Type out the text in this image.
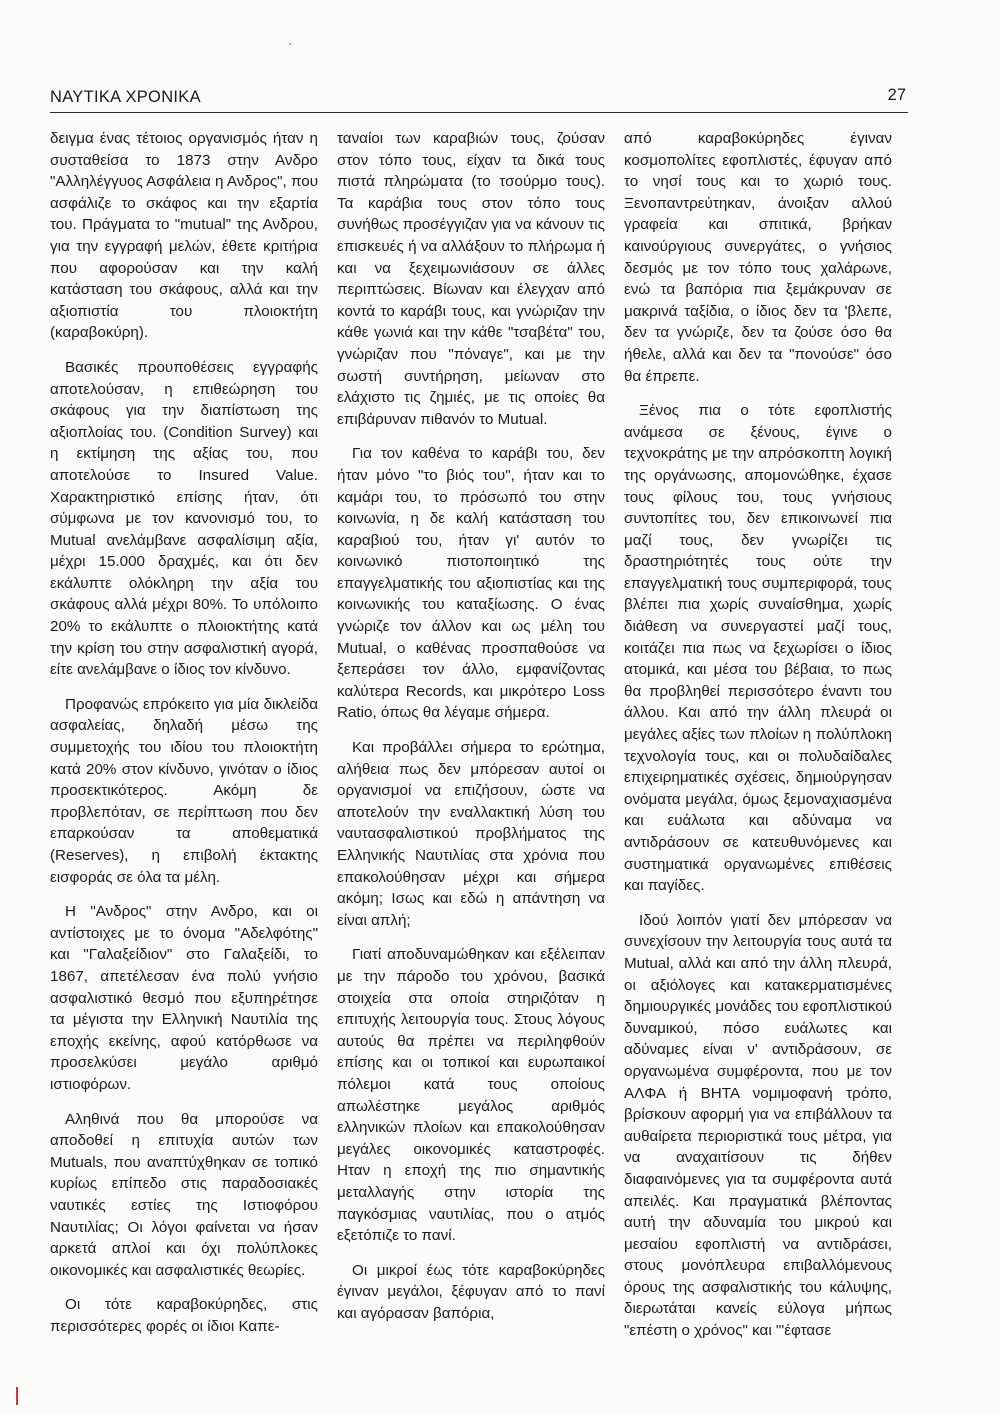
ΝΑΥΤΙΚΑ ΧΡΟΝΙΚΑ	27

δειγμα ένας τέτοιος οργανισμός ήταν η συσταθείσα το 1873 στην Ανδρο "Αλληλέγγυος Ασφάλεια η Ανδρος", που ασφάλιζε το σκάφος και την εξαρτία του. Πράγματα το "mutual" της Ανδρου, για την εγγραφή μελών, έθετε κριτήρια που αφορούσαν και την καλή κατάσταση του σκάφους, αλλά και την αξιοπιστία του πλοιοκτήτη (καραβοκύρη).

Βασικές προυποθέσεις εγγραφής αποτελούσαν, η επιθεώρηση του σκάφους για την διαπίστωση της αξιοπλοίας του. (Condition Survey) και η εκτίμηση της αξίας του, που αποτελούσε το Insured Value. Χαρακτηριστικό επίσης ήταν, ότι σύμφωνα με τον κανονισμό του, το Mutual ανελάμβανε ασφαλίσιμη αξία, μέχρι 15.000 δραχμές, και ότι δεν εκάλυπτε ολόκληρη την αξία του σκάφους αλλά μέχρι 80%. Το υπόλοιπο 20% το εκάλυπτε ο πλοιοκτήτης κατά την κρίση του στην ασφαλιστική αγορά, είτε ανελάμβανε ο ίδιος τον κίνδυνο.

Προφανώς επρόκειτο για μία δικλείδα ασφαλείας, δηλαδή μέσω της συμμετοχής του ιδίου του πλοιοκτήτη κατά 20% στον κίνδυνο, γινόταν ο ίδιος προσεκτικότερος. Ακόμη δε προβλεπόταν, σε περίπτωση που δεν επαρκούσαν τα αποθεματικά (Reserves), η επιβολή έκτακτης εισφοράς σε όλα τα μέλη.

Η "Ανδρος" στην Ανδρο, και οι αντίστοιχες με το όνομα "Αδελφότης" και "Γαλαξείδιον" στο Γαλαξείδι, το 1867, απετέλεσαν ένα πολύ γνήσιο ασφαλιστικό θεσμό που εξυπηρέτησε τα μέγιστα την Ελληνική Ναυτιλία της εποχής εκείνης, αφού κατόρθωσε να προσελκύσει μεγάλο αριθμό ιστιοφόρων.

Αληθινά που θα μπορούσε να αποδοθεί η επιτυχία αυτών των Mutuals, που αναπτύχθηκαν σε τοπικό κυρίως επίπεδο στις παραδοσιακές ναυτικές εστίες της Ιστιοφόρου Ναυτιλίας; Οι λόγοι φαίνεται να ήσαν αρκετά απλοί και όχι πολύπλοκες οικονομικές και ασφαλιστικές θεωρίες.

Οι τότε καραβοκύρηδες, στις περισσότερες φορές οι ίδιοι Καπε-

ταναίοι των καραβιών τους, ζούσαν στον τόπο τους, είχαν τα δικά τους πιστά πληρώματα (το τσούρμο τους). Τα καράβια τους στον τόπο τους συνήθως προσέγγιζαν για να κάνουν τις επισκευές ή να αλλάξουν το πλήρωμα ή και να ξεχειμωνιάσουν σε άλλες περιπτώσεις. Βίωναν και έλεγχαν από κοντά το καράβι τους, και γνώριζαν την κάθε γωνιά και την κάθε "τσαβέτα" του, γνώριζαν που "πόναγε", και με την σωστή συντήρηση, μείωναν στο ελάχιστο τις ζημιές, με τις οποίες θα επιβάρυναν πιθανόν το Mutual.

Για τον καθένα το καράβι του, δεν ήταν μόνο "το βιός του", ήταν και το καμάρι του, το πρόσωπό του στην κοινωνία, η δε καλή κατάσταση του καραβιού του, ήταν γι' αυτόν το κοινωνικό πιστοποιητικό της επαγγελματικής του αξιοπιστίας και της κοινωνικής του καταξίωσης. Ο ένας γνώριζε τον άλλον και ως μέλη του Mutual, ο καθένας προσπαθούσε να ξεπεράσει τον άλλο, εμφανίζοντας καλύτερα Records, και μικρότερο Loss Ratio, όπως θα λέγαμε σήμερα.

Και προβάλλει σήμερα το ερώτημα, αλήθεια πως δεν μπόρεσαν αυτοί οι οργανισμοί να επιζήσουν, ώστε να αποτελούν την εναλλακτική λύση του ναυτασφαλιστικού προβλήματος της Ελληνικής Ναυτιλίας στα χρόνια που επακολούθησαν μέχρι και σήμερα ακόμη; Ισως και εδώ η απάντηση να είναι απλή;

Γιατί αποδυναμώθηκαν και εξέλειπαν με την πάροδο του χρόνου, βασικά στοιχεία στα οποία στηριζόταν η επιτυχής λειτουργία τους. Στους λόγους αυτούς θα πρέπει να περιληφθούν επίσης και οι τοπικοί και ευρωπαικοί πόλεμοι κατά τους οποίους απωλέστηκε μεγάλος αριθμός ελληνικών πλοίων και επακολούθησαν μεγάλες οικονομικές καταστροφές. Ηταν η εποχή της πιο σημαντικής μεταλλαγής στην ιστορία της παγκόσμιας ναυτιλίας, που ο ατμός εξετόπιζε το πανί.

Οι μικροί έως τότε καραβοκύρηδες έγιναν μεγάλοι, ξέφυγαν από το πανί και αγόρασαν βαπόρια,

από καραβοκύρηδες έγιναν κοσμοπολίτες εφοπλιστές, έφυγαν από το νησί τους και το χωριό τους. Ξενοπαντρεύτηκαν, άνοιξαν αλλού γραφεία και σπιτικά, βρήκαν καινούργιους συνεργάτες, ο γνήσιος δεσμός με τον τόπο τους χαλάρωνε, ενώ τα βαπόρια πια ξεμάκρυναν σε μακρινά ταξίδια, ο ίδιος δεν τα 'βλεπε, δεν τα γνώριζε, δεν τα ζούσε όσο θα ήθελε, αλλά και δεν τα "πονούσε" όσο θα έπρεπε.

Ξένος πια ο τότε εφοπλιστής ανάμεσα σε ξένους, έγινε ο τεχνοκράτης με την απρόσκοπτη λογική της οργάνωσης, απομονώθηκε, έχασε τους φίλους του, τους γνήσιους συντοπίτες του, δεν επικοινωνεί πια μαζί τους, δεν γνωρίζει τις δραστηριότητές τους ούτε την επαγγελματική τους συμπεριφορά, τους βλέπει πια χωρίς συναίσθημα, χωρίς διάθεση να συνεργαστεί μαζί τους, κοιτάζει πια πως να ξεχωρίσει ο ίδιος ατομικά, και μέσα του βέβαια, το πως θα προβληθεί περισσότερο έναντι του άλλου. Και από την άλλη πλευρά οι μεγάλες αξίες των πλοίων η πολύπλοκη τεχνολογία τους, και οι πολυδαίδαλες επιχειρηματικές σχέσεις, δημιούργησαν ονόματα μεγάλα, όμως ξεμοναχιασμένα και ευάλωτα και αδύναμα να αντιδράσουν σε κατευθυνόμενες και συστηματικά οργανωμένες επιθέσεις και παγίδες.

Ιδού λοιπόν γιατί δεν μπόρεσαν να συνεχίσουν την λειτουργία τους αυτά τα Mutual, αλλά και από την άλλη πλευρά, οι αξιόλογες και κατακερματισμένες δημιουργικές μονάδες του εφοπλιστικού δυναμικού, πόσο ευάλωτες και αδύναμες είναι ν' αντιδράσουν, σε οργανωμένα συμφέροντα, που με τον ΑΛΦΑ ή ΒΗΤΑ νομιμοφανή τρόπο, βρίσκουν αφορμή για να επιβάλλουν τα αυθαίρετα περιοριστικά τους μέτρα, για να αναχαιτίσουν τις δήθεν διαφαινόμενες για τα συμφέροντα αυτά απειλές. Και πραγματικά βλέποντας αυτή την αδυναμία του μικρού και μεσαίου εφοπλιστή να αντιδράσει, στους μονόπλευρα επιβαλλόμενους όρους της ασφαλιστικής του κάλυψης, διερωτάται κανείς εύλογα μήπως "επέστη ο χρόνος" και "'έφτασε
